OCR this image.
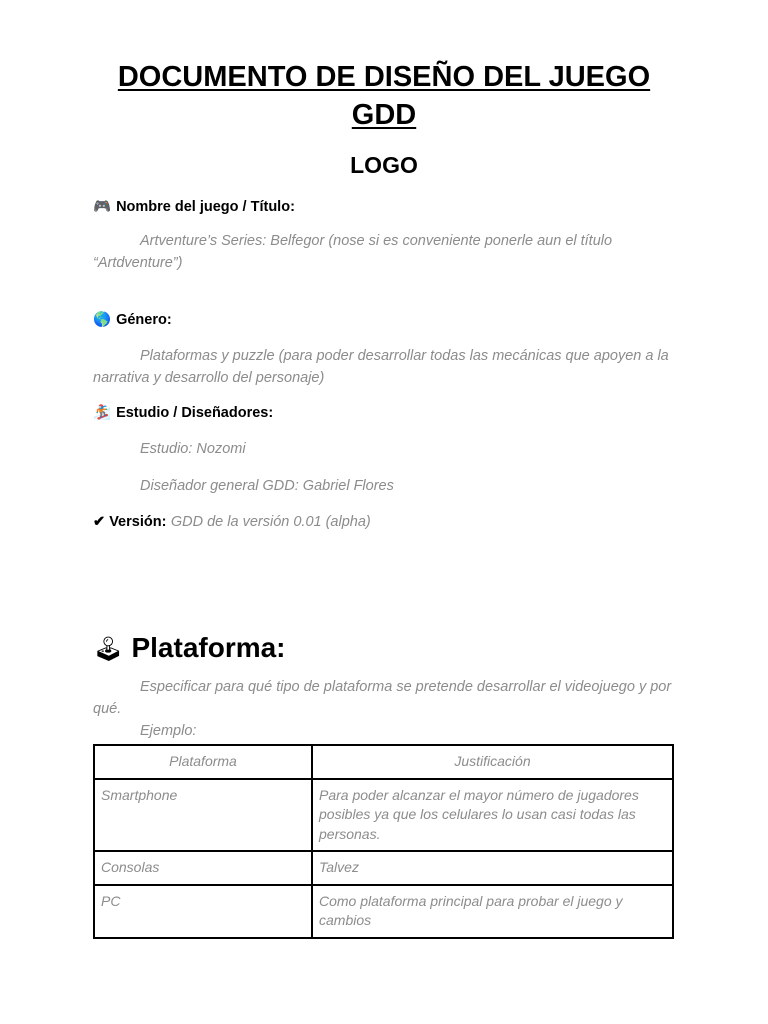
DOCUMENTO DE DISEÑO DEL JUEGO
GDD
LOGO
🎮 Nombre del juego / Título:
Artventure’s Series: Belfegor (nose si es conveniente ponerle aun el título “Artdventure”)
🌎 Género:
Plataformas y puzzle (para poder desarrollar todas las mecánicas que apoyen a la narrativa y desarrollo del personaje)
🏂 Estudio / Diseñadores:
Estudio: Nozomi
Diseñador general GDD: Gabriel Flores
✔ Versión: GDD de la versión 0.01 (alpha)
🕹 Plataforma:
Especificar para qué tipo de plataforma se pretende desarrollar el videojuego y por qué.
Ejemplo:
Plataforma	Justificación
Smartphone	Para poder alcanzar el mayor número de jugadores posibles ya que los celulares lo usan casi todas las personas.
Consolas	Talvez
PC	Como plataforma principal para probar el juego y cambios
